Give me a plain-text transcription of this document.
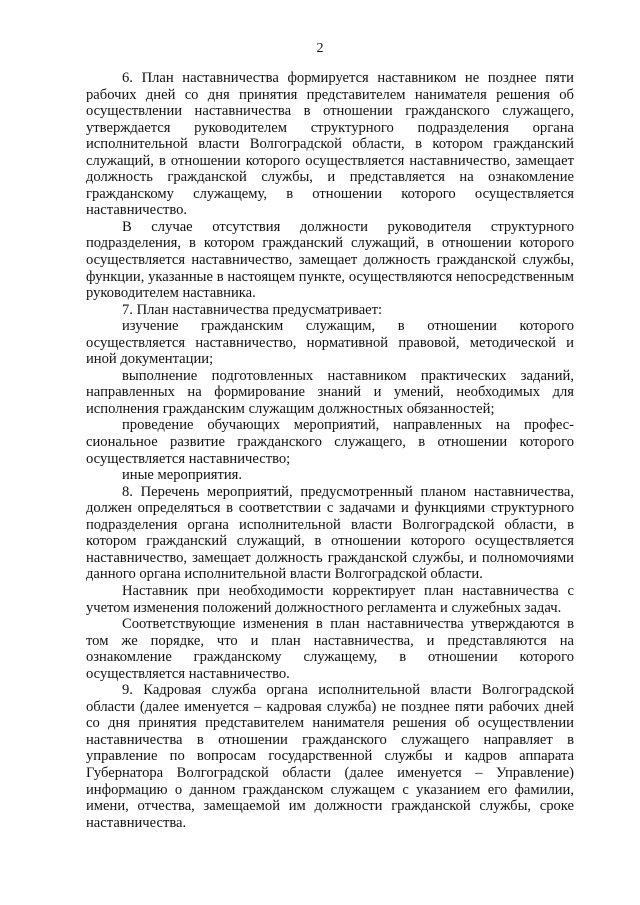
2

6. План наставничества формируется наставником не позднее пяти рабочих дней со дня принятия представителем нанимателя решения об осуществлении наставничества в отношении гражданского служащего, утверждается руководителем структурного подразделения органа исполнительной власти Волгоградской области, в котором гражданский служащий, в отношении которого осуществляется наставничество, замещает должность гражданской службы, и представляется на ознакомление гражданскому служащему, в отношении которого осуществляется наставничество.

В случае отсутствия должности руководителя структурного подразделения, в котором гражданский служащий, в отношении которого осуществляется наставничество, замещает должность гражданской службы, функции, указанные в настоящем пункте, осуществляются непосредственным руководителем наставника.

7. План наставничества предусматривает:

изучение гражданским служащим, в отношении которого осуществляется наставничество, нормативной правовой, методической и иной документации;

выполнение подготовленных наставником практических заданий, направленных на формирование знаний и умений, необходимых для исполнения гражданским служащим должностных обязанностей;

проведение обучающих мероприятий, направленных на профес-сиональное развитие гражданского служащего, в отношении которого осуществляется наставничество;

иные мероприятия.

8. Перечень мероприятий, предусмотренный планом наставничества, должен определяться в соответствии с задачами и функциями структурного подразделения органа исполнительной власти Волгоградской области, в котором гражданский служащий, в отношении которого осуществляется наставничество, замещает должность гражданской службы, и полномочиями данного органа исполнительной власти Волгоградской области.

Наставник при необходимости корректирует план наставничества с учетом изменения положений должностного регламента и служебных задач.

Соответствующие изменения в план наставничества утверждаются в том же порядке, что и план наставничества, и представляются на ознакомление гражданскому служащему, в отношении которого осуществляется наставничество.

9. Кадровая служба органа исполнительной власти Волгоградской области (далее именуется – кадровая служба) не позднее пяти рабочих дней со дня принятия представителем нанимателя решения об осуществлении наставничества в отношении гражданского служащего направляет в управление по вопросам государственной службы и кадров аппарата Губернатора Волгоградской области (далее именуется – Управление) информацию о данном гражданском служащем с указанием его фамилии, имени, отчества, замещаемой им должности гражданской службы, сроке наставничества.
